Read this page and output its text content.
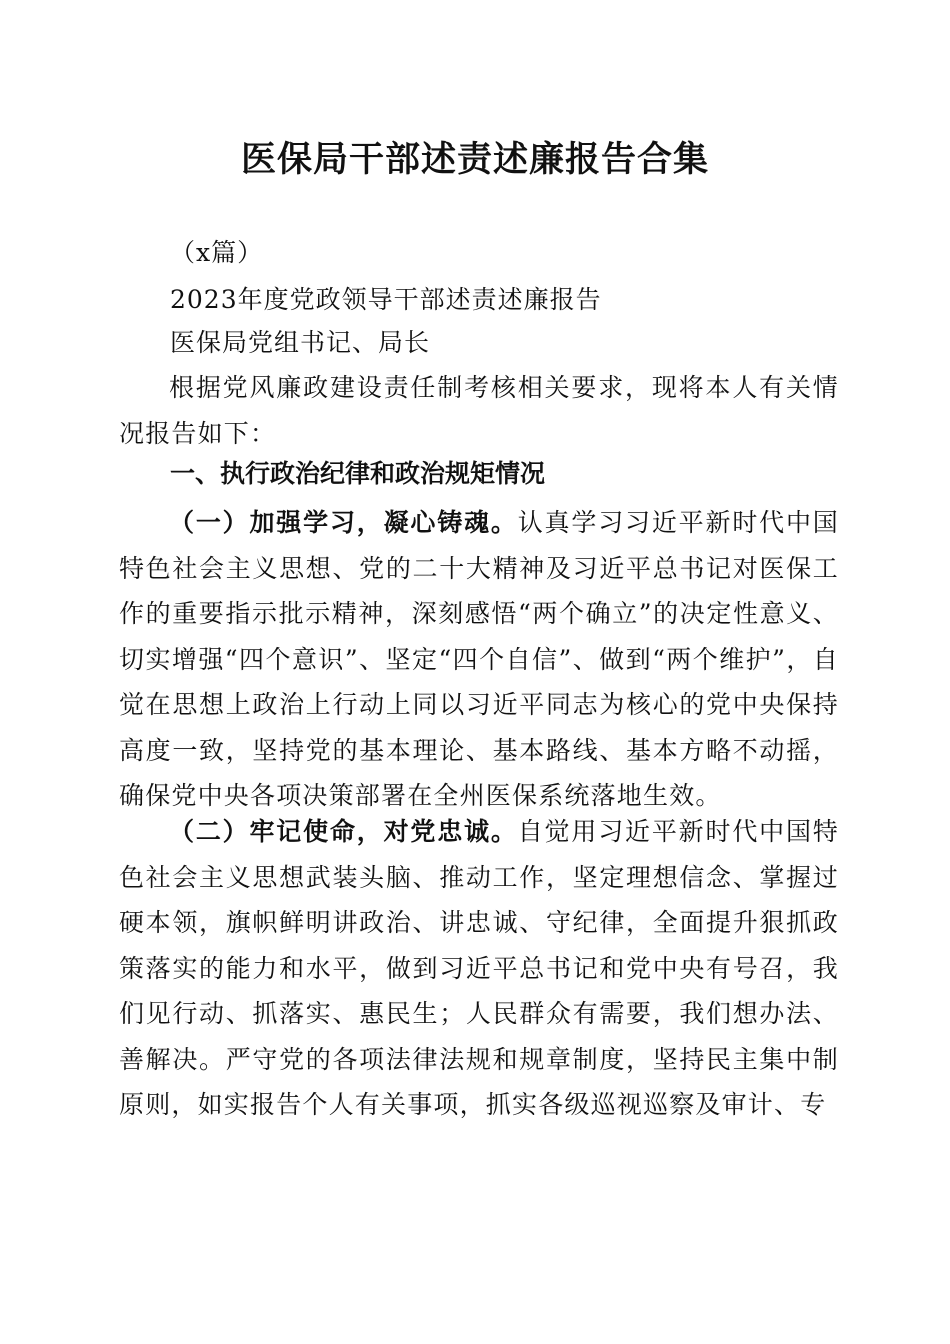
医保局干部述责述廉报告合集
（x篇）
2023年度党政领导干部述责述廉报告
医保局党组书记、局长

根据党风廉政建设责任制考核相关要求，现将本人有关情况报告如下：

一、执行政治纪律和政治规矩情况

（一）加强学习，凝心铸魂。认真学习习近平新时代中国特色社会主义思想、党的二十大精神及习近平总书记对医保工作的重要指示批示精神，深刻感悟“两个确立”的决定性意义、切实增强“四个意识”、坚定“四个自信”、做到“两个维护”，自觉在思想上政治上行动上同以习近平同志为核心的党中央保持高度一致，坚持党的基本理论、基本路线、基本方略不动摇，确保党中央各项决策部署在全州医保系统落地生效。

（二）牢记使命，对党忠诚。自觉用习近平新时代中国特色社会主义思想武装头脑、推动工作，坚定理想信念、掌握过硬本领，旗帜鲜明讲政治、讲忠诚、守纪律，全面提升狠抓政策落实的能力和水平，做到习近平总书记和党中央有号召，我们见行动、抓落实、惠民生；人民群众有需要，我们想办法、善解决。严守党的各项法律法规和规章制度，坚持民主集中制原则，如实报告个人有关事项，抓实各级巡视巡察及审计、专
